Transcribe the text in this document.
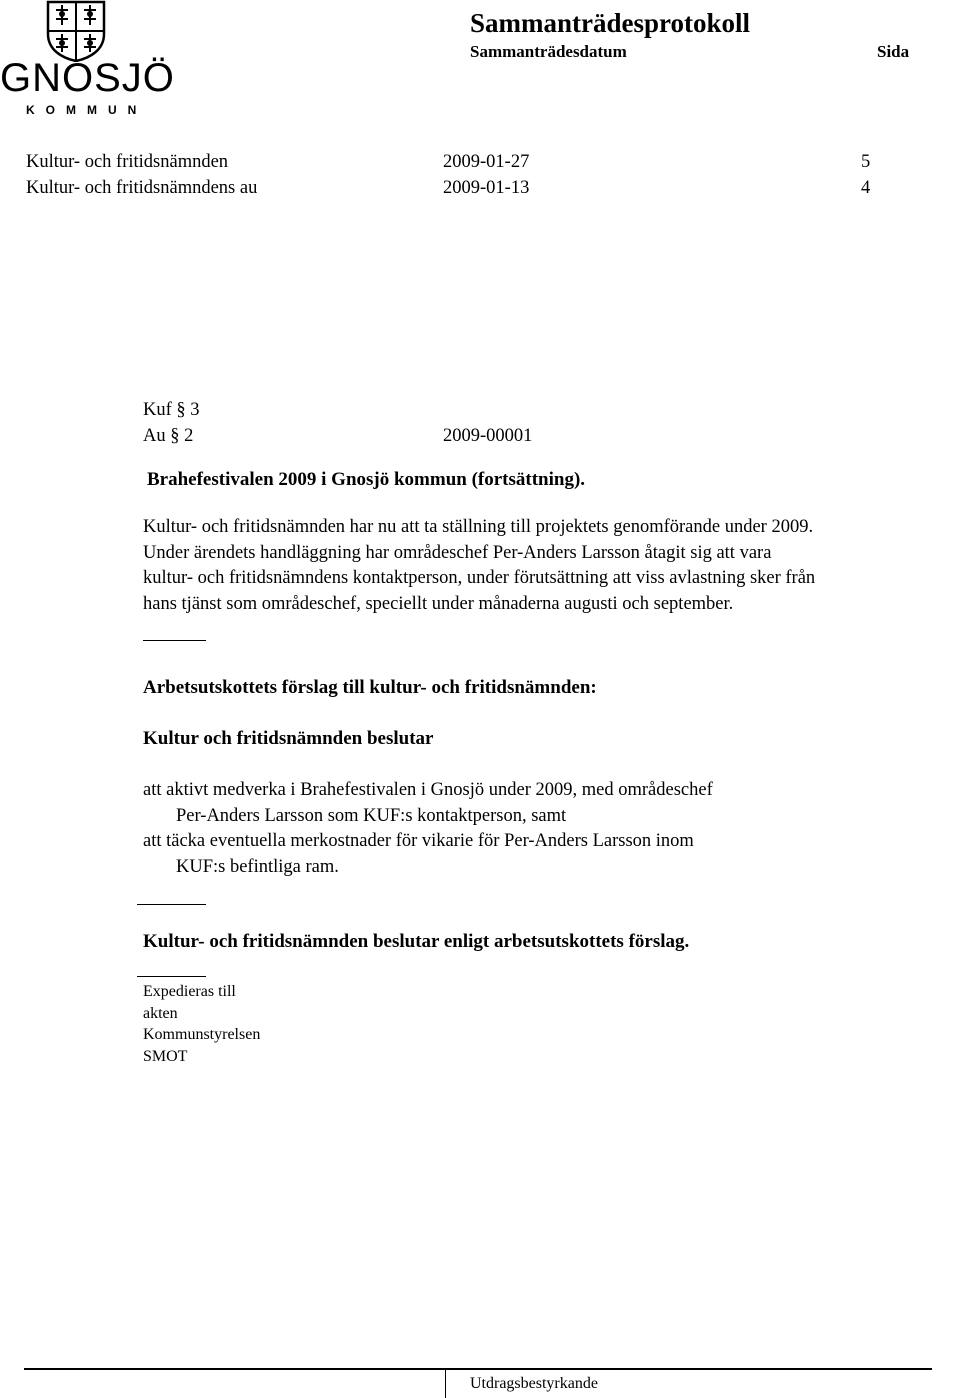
GNOSJÖ
KOMMUN
Sammanträdesprotokoll
Sammanträdesdatum	Sida
Kultur- och fritidsnämnden	2009-01-27	5
Kultur- och fritidsnämndens au	2009-01-13	4
Kuf § 3
Au § 2	2009-00001
Brahefestivalen 2009 i Gnosjö kommun (fortsättning).
Kultur- och fritidsnämnden har nu att ta ställning till projektets genomförande under 2009.
Under ärendets handläggning har områdeschef Per-Anders Larsson åtagit sig att vara
kultur- och fritidsnämndens kontaktperson, under förutsättning att viss avlastning sker från
hans tjänst som områdeschef, speciellt under månaderna augusti och september.
Arbetsutskottets förslag till kultur- och fritidsnämnden:
Kultur och fritidsnämnden beslutar
att aktivt medverka i Brahefestivalen i Gnosjö under 2009, med områdeschef
Per-Anders Larsson som KUF:s kontaktperson, samt
att täcka eventuella merkostnader för vikarie för Per-Anders Larsson inom
KUF:s befintliga ram.
Kultur- och fritidsnämnden beslutar enligt arbetsutskottets förslag.
Expedieras till
akten
Kommunstyrelsen
SMOT
Utdragsbestyrkande
